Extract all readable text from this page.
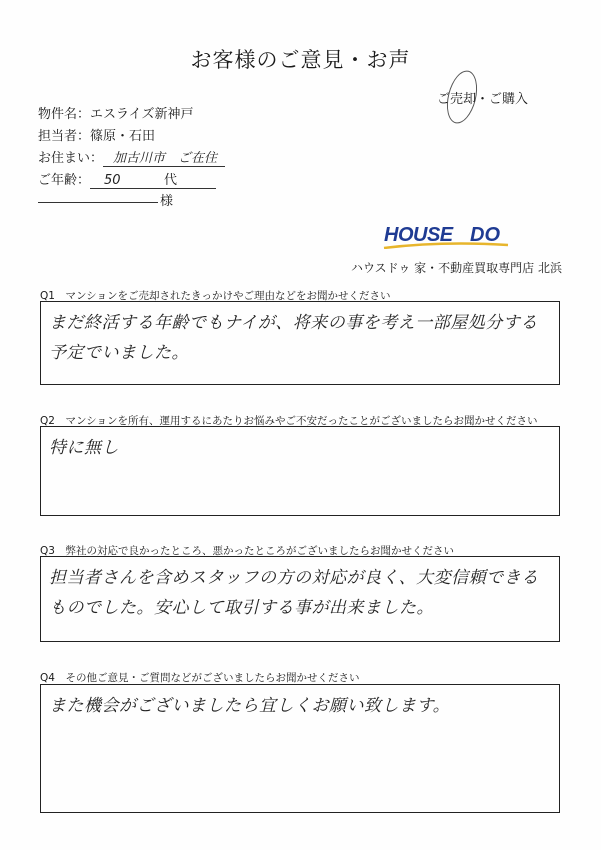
お客様のご意見・お声
ご売却・ご購入
物件名：エスライズ新神戸
担当者：篠原・石田
お住まい： 加古川市　ご在住
ご年齢： 50	代
様
HOUSE DO
ハウスドゥ 家・不動産買取専門店 北浜
Q1　マンションをご売却されたきっかけやご理由などをお聞かせください
まだ終活する年齢でもナイが、将来の事を考え一部屋処分する予定でいました。
Q2　マンションを所有、運用するにあたりお悩みやご不安だったことがございましたらお聞かせください
特に無し
Q3　弊社の対応で良かったところ、悪かったところがございましたらお聞かせください
担当者さんを含めスタッフの方の対応が良く、大変信頼できるものでした。安心して取引する事が出来ました。
Q4　その他ご意見・ご質問などがございましたらお聞かせください
また機会がございましたら宜しくお願い致します。
